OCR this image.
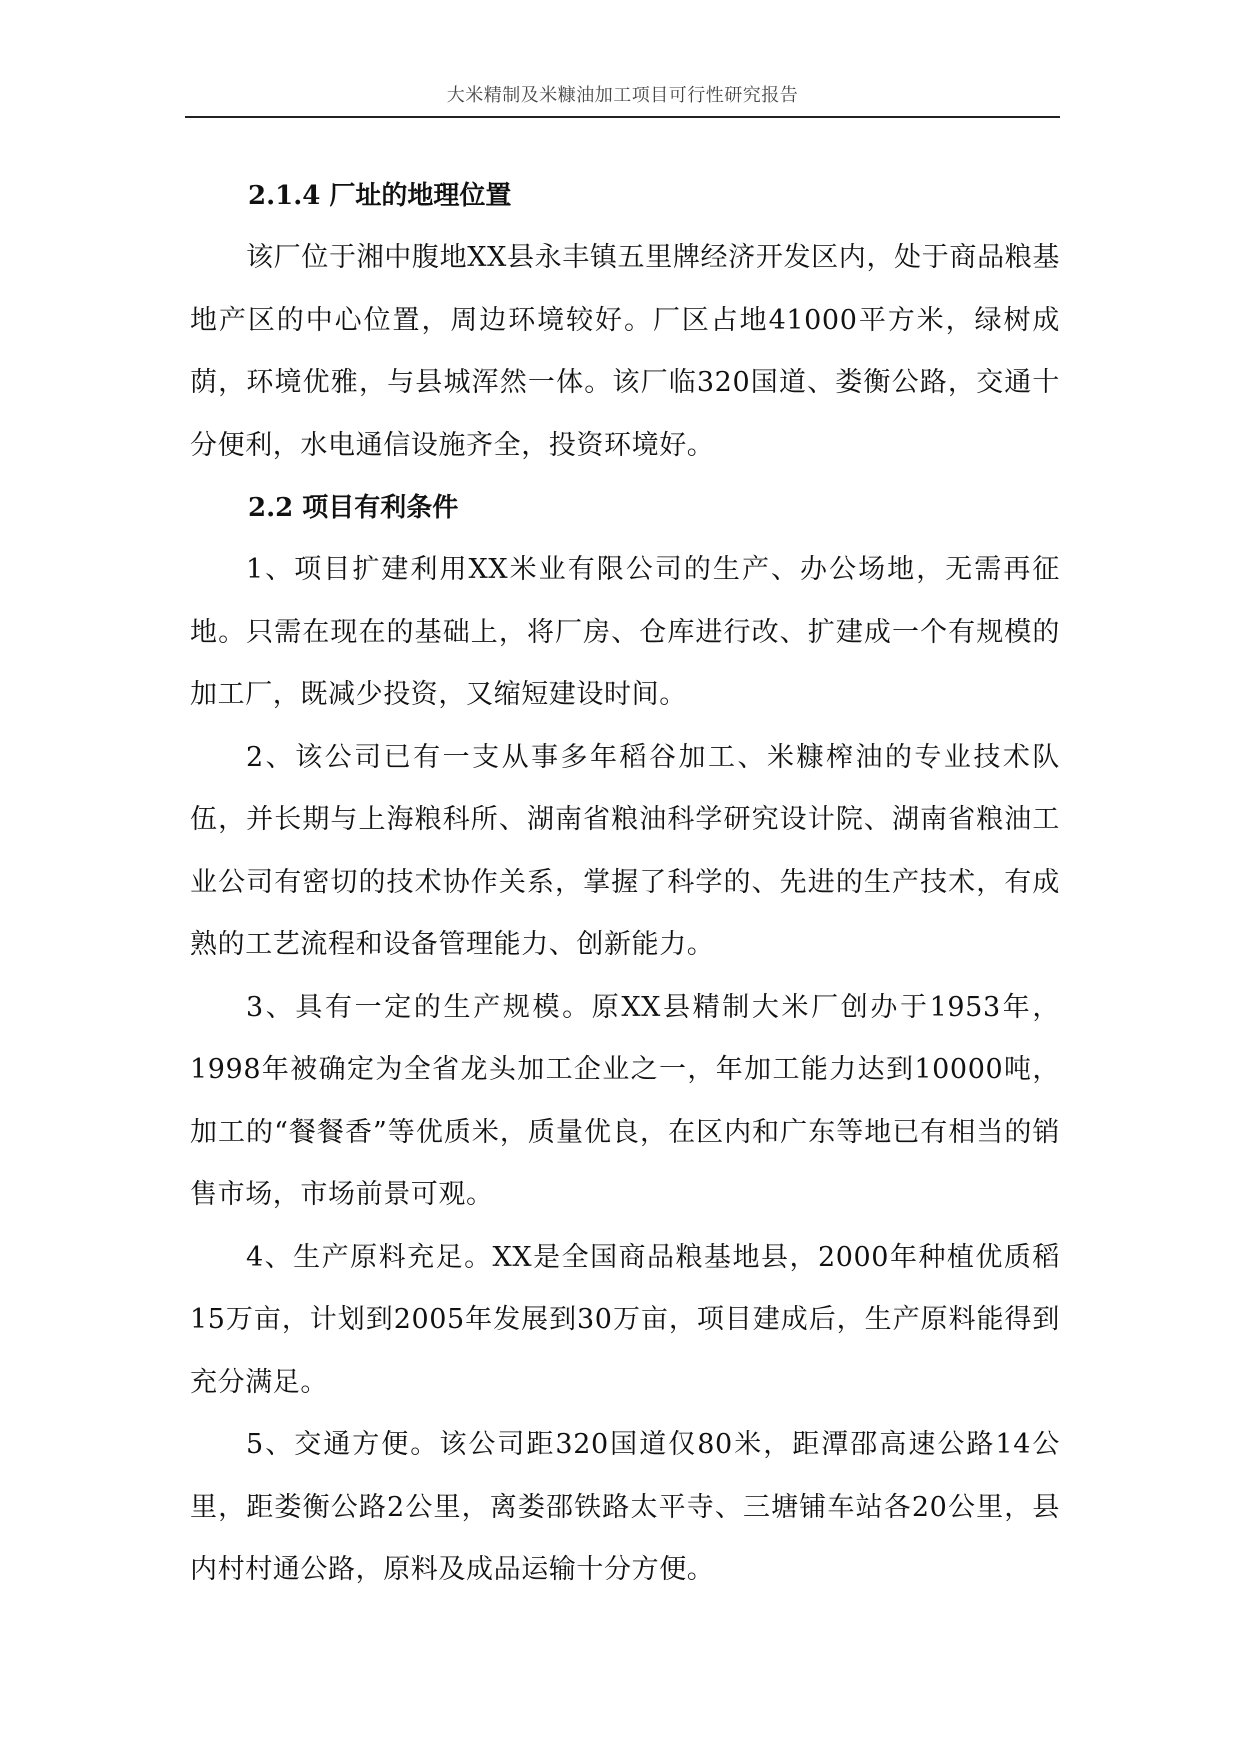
大米精制及米糠油加工项目可行性研究报告
2.1.4 厂址的地理位置

该厂位于湘中腹地XX县永丰镇五里牌经济开发区内，处于商品粮基地产区的中心位置，周边环境较好。厂区占地41000平方米，绿树成荫，环境优雅，与县城浑然一体。该厂临320国道、娄衡公路，交通十分便利，水电通信设施齐全，投资环境好。

2.2 项目有利条件

1、项目扩建利用XX米业有限公司的生产、办公场地，无需再征地。只需在现在的基础上，将厂房、仓库进行改、扩建成一个有规模的加工厂，既减少投资，又缩短建设时间。

2、该公司已有一支从事多年稻谷加工、米糠榨油的专业技术队伍，并长期与上海粮科所、湖南省粮油科学研究设计院、湖南省粮油工业公司有密切的技术协作关系，掌握了科学的、先进的生产技术，有成熟的工艺流程和设备管理能力、创新能力。

3、具有一定的生产规模。原XX县精制大米厂创办于1953年，1998年被确定为全省龙头加工企业之一，年加工能力达到10000吨，加工的“餐餐香”等优质米，质量优良，在区内和广东等地已有相当的销售市场，市场前景可观。

4、生产原料充足。XX是全国商品粮基地县，2000年种植优质稻15万亩，计划到2005年发展到30万亩，项目建成后，生产原料能得到充分满足。

5、交通方便。该公司距320国道仅80米，距潭邵高速公路14公里，距娄衡公路2公里，离娄邵铁路太平寺、三塘铺车站各20公里，县内村村通公路，原料及成品运输十分方便。
